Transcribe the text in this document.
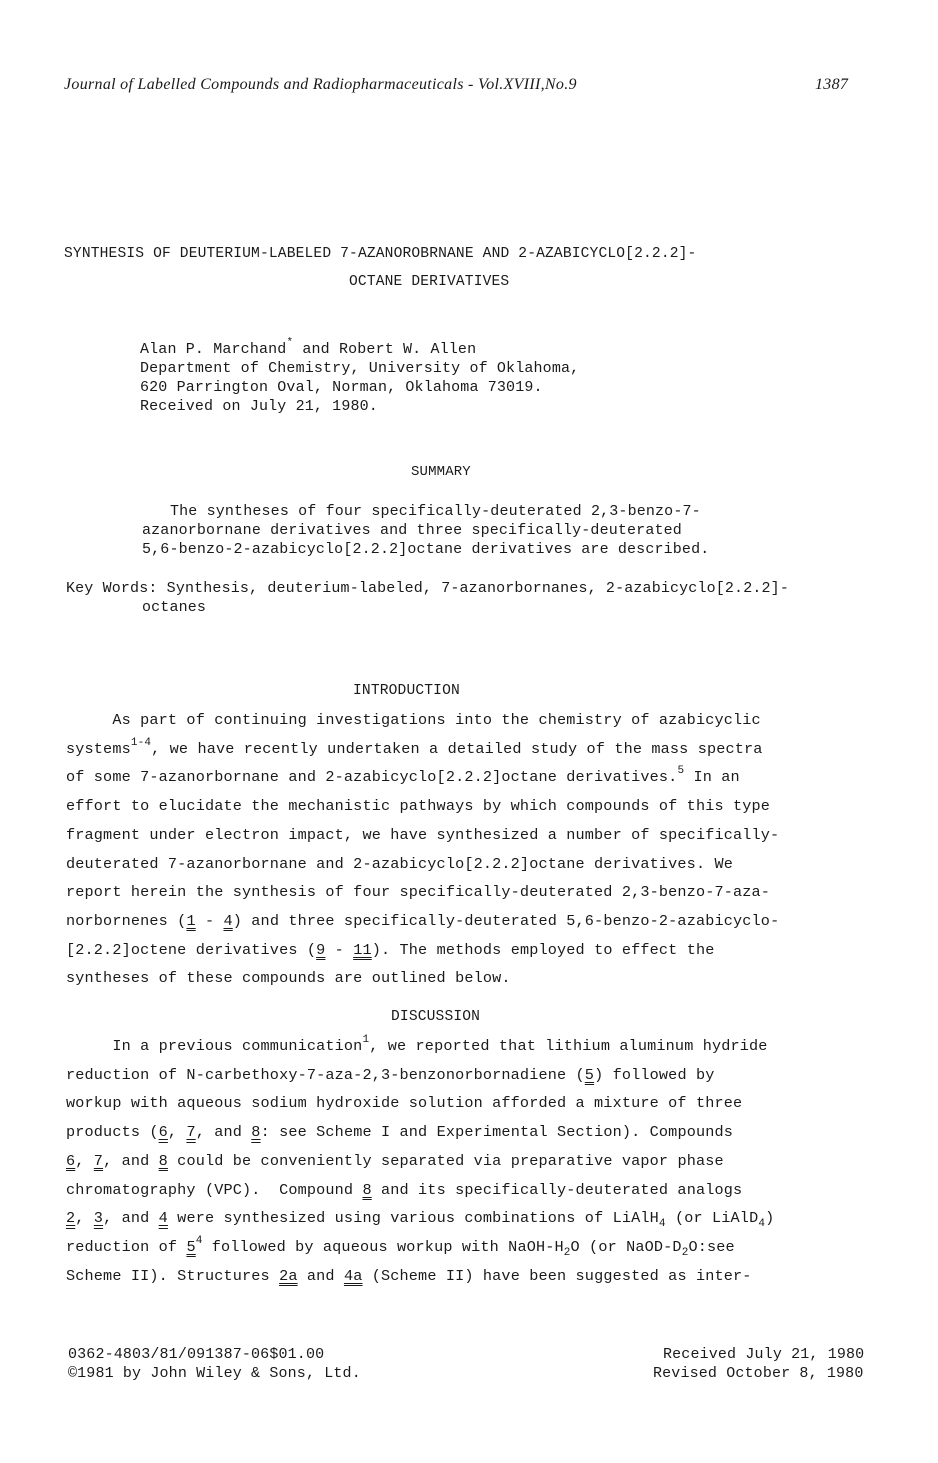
Journal of Labelled Compounds and Radiopharmaceuticals - Vol.XVIII,No.9	1387
SYNTHESIS OF DEUTERIUM-LABELED 7-AZANOROBRNANE AND 2-AZABICYCLO[2.2.2]-
OCTANE DERIVATIVES
Alan P. Marchand* and Robert W. Allen
Department of Chemistry, University of Oklahoma,
620 Parrington Oval, Norman, Oklahoma 73019.
Received on July 21, 1980.
SUMMARY
The syntheses of four specifically-deuterated 2,3-benzo-7-
azanorbornane derivatives and three specifically-deuterated
5,6-benzo-2-azabicyclo[2.2.2]octane derivatives are described.
Key Words: Synthesis, deuterium-labeled, 7-azanorbornanes, 2-azabicyclo[2.2.2]-
octanes
INTRODUCTION
As part of continuing investigations into the chemistry of azabicyclic
systems$^{1-4}$, we have recently undertaken a detailed study of the mass spectra
of some 7-azanorbornane and 2-azabicyclo[2.2.2]octane derivatives.$^5$ In an
effort to elucidate the mechanistic pathways by which compounds of this type
fragment under electron impact, we have synthesized a number of specifically-
deuterated 7-azanorbornane and 2-azabicyclo[2.2.2]octane derivatives. We
report herein the synthesis of four specifically-deuterated 2,3-benzo-7-aza-
norbornenes (1 - 4) and three specifically-deuterated 5,6-benzo-2-azabicyclo-
[2.2.2]octene derivatives (9 - 11). The methods employed to effect the
syntheses of these compounds are outlined below.
DISCUSSION
In a previous communication$^1$, we reported that lithium aluminum hydride
reduction of N-carbethoxy-7-aza-2,3-benzonorbornadiene (5) followed by
workup with aqueous sodium hydroxide solution afforded a mixture of three
products (6, 7, and 8: see Scheme I and Experimental Section). Compounds
6, 7, and 8 could be conveniently separated via preparative vapor phase
chromatography (VPC).  Compound 8 and its specifically-deuterated analogs
2, 3, and 4 were synthesized using various combinations of LiAlH$_4$ (or LiAlD$_4$)
reduction of $5^4$ followed by aqueous workup with NaOH-$H_2O$ (or NaOD-$D_2O:see$
Scheme II). Structures 2a and 4a (Scheme II) have been suggested as inter-
0362-4803/81/091387-06$01.00
©1981 by John Wiley & Sons, Ltd.
Received July 21, 1980
Revised October 8, 1980
